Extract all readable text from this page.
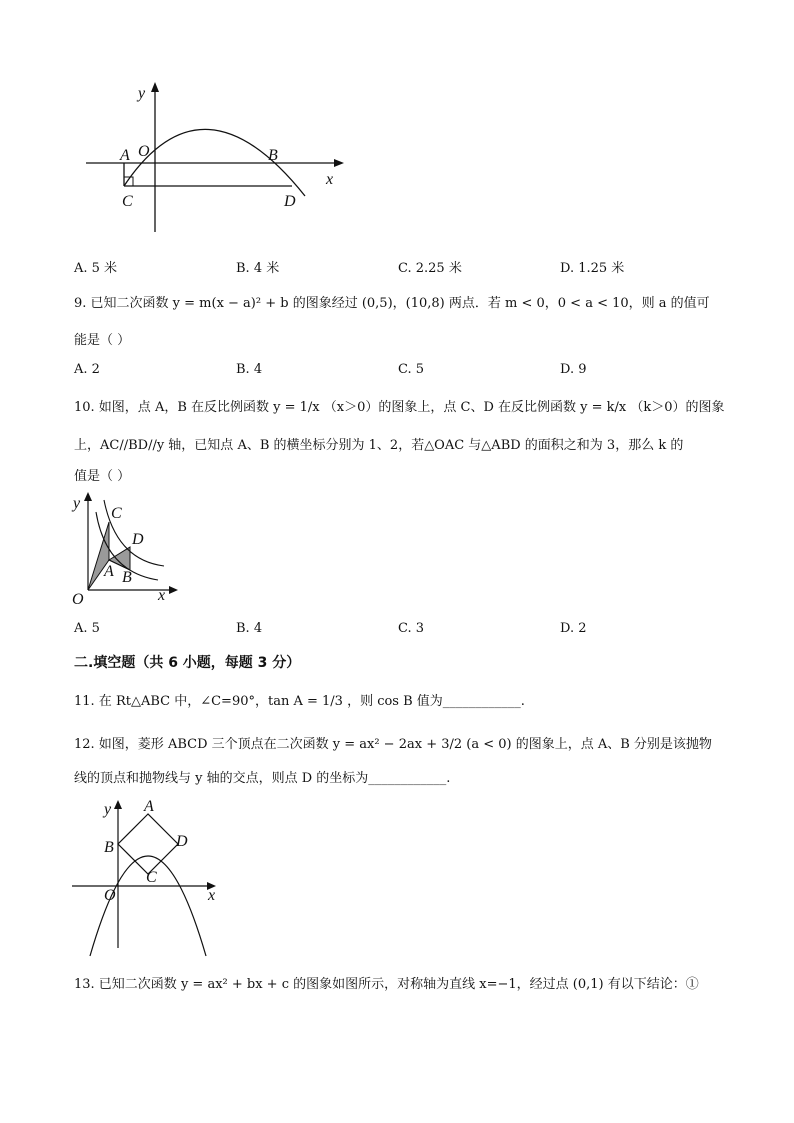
y
A O	B
x
C	D
A. 5 米	B. 4 米	C. 2.25 米	D. 1.25 米
9. 已知二次函数 y = m(x − a)² + b 的图象经过 (0,5)，(10,8) 两点．若 m < 0，0 < a < 10，则 a 的值可
能是（ ）
A. 2	B. 4	C. 5	D. 9
10. 如图，点 A，B 在反比例函数 y = 1/x （x＞0）的图象上，点 C、D 在反比例函数 y = k/x （k＞0）的图象
上，AC//BD//y 轴，已知点 A、B 的横坐标分别为 1、2，若△OAC 与△ABD 的面积之和为 3，那么 k 的
值是（ ）
y
C
D
A B
O	x
A. 5	B. 4	C. 3	D. 2
二.填空题（共 6 小题，每题 3 分）
11. 在 Rt△ABC 中，∠C=90°，tan A = 1/3 ，则 cos B 值为____________.
12. 如图，菱形 ABCD 三个顶点在二次函数 y = ax² − 2ax + 3/2 (a < 0) 的图象上，点 A、B 分别是该抛物
线的顶点和抛物线与 y 轴的交点，则点 D 的坐标为____________.
y A
B	D
C
O	x
13. 已知二次函数 y = ax² + bx + c 的图象如图所示，对称轴为直线 x=−1，经过点 (0,1) 有以下结论：①
